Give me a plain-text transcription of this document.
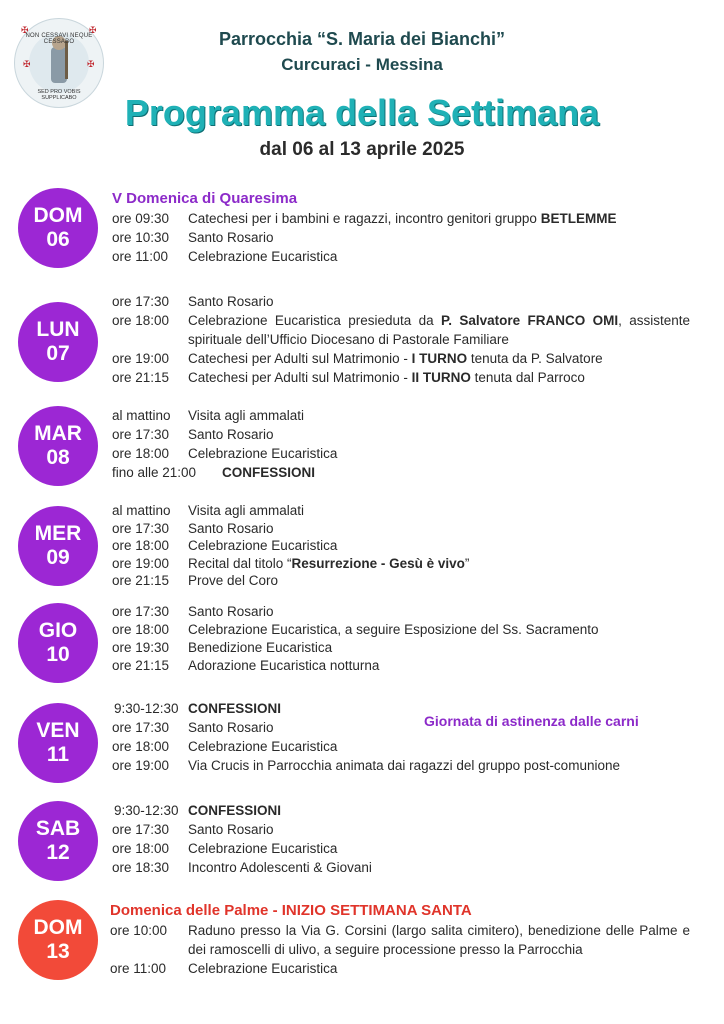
✠	✠
✠	✠
NON CESSAVI NEQUE CESSABO
SED PRO VOBIS SUPPLICABO
Parrocchia “S. Maria dei Bianchi”
Curcuraci - Messina
Programma della Settimana
dal 06 al 13 aprile 2025
DOM
06
V Domenica di Quaresima
ore 09:30 Catechesi per i bambini e ragazzi, incontro genitori gruppo BETLEMME
ore 10:30 Santo Rosario
ore 11:00 Celebrazione Eucaristica
LUN
07
ore 17:30 Santo Rosario
ore 18:00 Celebrazione Eucaristica presieduta da P. Salvatore FRANCO OMI, assistente spirituale dell’Ufficio Diocesano di Pastorale Familiare
ore 19:00 Catechesi per Adulti sul Matrimonio - I TURNO tenuta da P. Salvatore
ore 21:15 Catechesi per Adulti sul Matrimonio - II TURNO tenuta dal Parroco
MAR
08
al mattino Visita agli ammalati
ore 17:30 Santo Rosario
ore 18:00 Celebrazione Eucaristica
fino alle 21:00 CONFESSIONI
MER
09
al mattino Visita agli ammalati
ore 17:30 Santo Rosario
ore 18:00 Celebrazione Eucaristica
ore 19:00 Recital dal titolo “Resurrezione - Gesù è vivo”
ore 21:15 Prove del Coro
GIO
10
ore 17:30 Santo Rosario
ore 18:00 Celebrazione Eucaristica, a seguire Esposizione del Ss. Sacramento
ore 19:30 Benedizione Eucaristica
ore 21:15 Adorazione Eucaristica notturna
VEN
11
Giornata di astinenza dalle carni
9:30-12:30 CONFESSIONI
ore 17:30 Santo Rosario
ore 18:00 Celebrazione Eucaristica
ore 19:00 Via Crucis in Parrocchia animata dai ragazzi del gruppo post-comunione
SAB
12
9:30-12:30 CONFESSIONI
ore 17:30 Santo Rosario
ore 18:00 Celebrazione Eucaristica
ore 18:30 Incontro Adolescenti & Giovani
DOM
13
Domenica delle Palme - INIZIO SETTIMANA SANTA
ore 10:00 Raduno presso la Via G. Corsini (largo salita cimitero), benedizione delle Palme e dei ramoscelli di ulivo, a seguire processione presso la Parrocchia
ore 11:00 Celebrazione Eucaristica
